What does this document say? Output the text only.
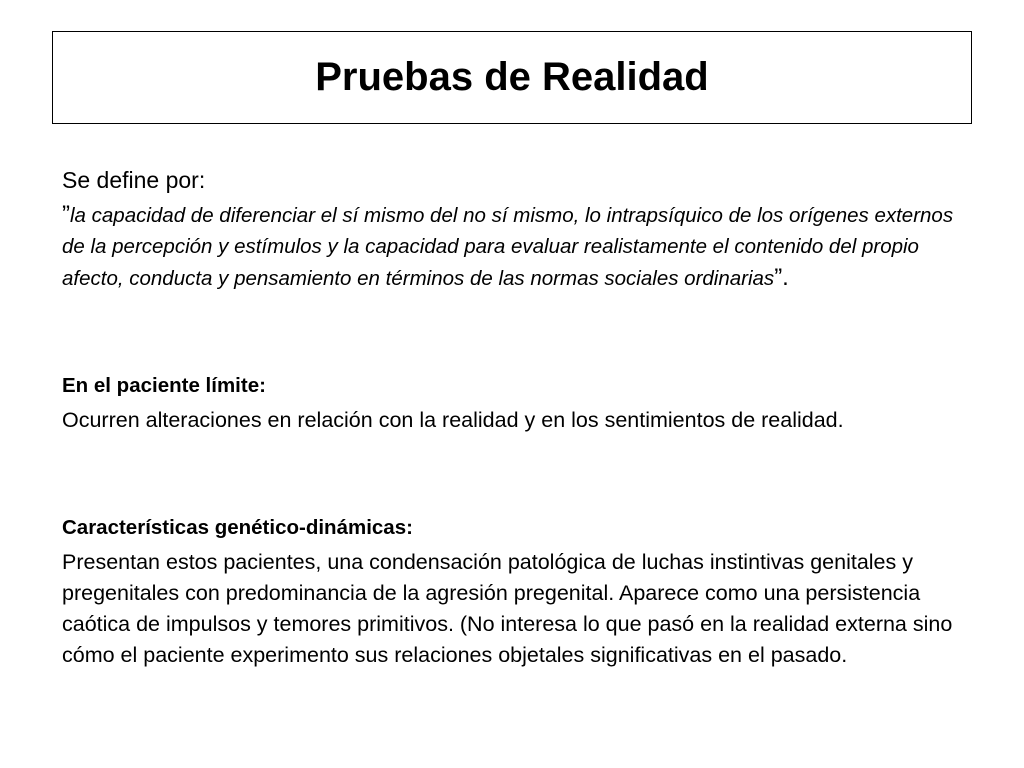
Pruebas de Realidad

Se define por:

”la capacidad de diferenciar el sí mismo del no sí mismo, lo intrapsíquico de los orígenes externos de la percepción y estímulos y la capacidad para evaluar realistamente el contenido del propio afecto, conducta y pensamiento en términos de las normas sociales ordinarias”.

En el paciente límite:

Ocurren alteraciones en relación con la realidad y en los sentimientos de realidad.

Características genético-dinámicas:

Presentan estos pacientes, una condensación patológica de luchas instintivas genitales y pregenitales con predominancia de la agresión pregenital. Aparece como una persistencia caótica de impulsos y temores primitivos. (No interesa lo que pasó en la realidad externa sino cómo el paciente experimento sus relaciones objetales significativas en el pasado.
